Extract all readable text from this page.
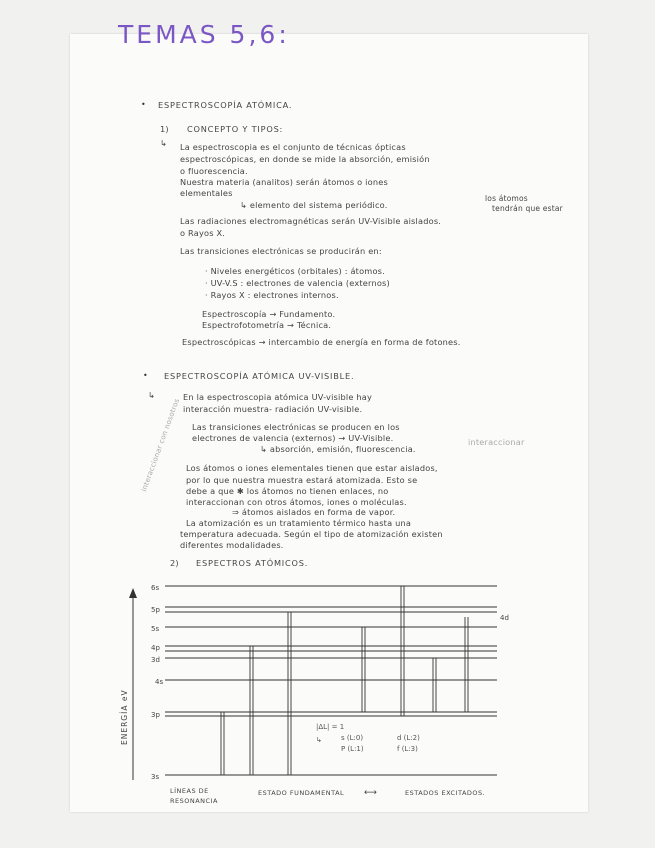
TEMAS 5,6:
• ESPECTROSCOPÍA ATÓMICA.
1) CONCEPTO Y TIPOS:
↳ La espectroscopia es el conjunto de técnicas ópticas
espectroscópicas, en donde se mide la absorción, emisión
o fluorescencia.
Nuestra materia (analitos) serán átomos o iones
elementales
↳ elemento del sistema periódico.
los átomos
tendrán que estar
Las radiaciones electromagnéticas serán UV-Visible aislados.
o Rayos X.
Las transiciones electrónicas se producirán en:
· Niveles energéticos (orbitales) : átomos.
· UV-V.S : electrones de valencia (externos)
· Rayos X : electrones internos.
Espectroscopía → Fundamento.
Espectrofotometría → Técnica.
Espectroscópicas → intercambio de energía en forma de fotones.
• ESPECTROSCOPÍA ATÓMICA UV-VISIBLE.
↳	En la espectroscopia atómica UV-visible hay
interacción muestra- radiación UV-visible.
Las transiciones electrónicas se producen en los
electrones de valencia (externos) → UV-Visible.
↳ absorción, emisión, fluorescencia.
interaccionar
interaccionar con nosotros Los átomos o iones elementales tienen que estar aislados,
por lo que nuestra muestra estará atomizada. Esto se
debe a que ✱ los átomos no tienen enlaces, no
interaccionan con otros átomos, iones o moléculas.
⇒ átomos aislados en forma de vapor.
La atomización es un tratamiento térmico hasta una
temperatura adecuada. Según el tipo de atomización existen
diferentes modalidades.
2) ESPECTROS ATÓMICOS.
ENERGÍA eV
6s
5p
5s
4p
3d
4s
3p
3s
4d
|ΔL| = 1
↳	s (L:0)	d (L:2)
P (L:1)	f (L:3)
LÍNEAS DE
RESONANCIA
ESTADO FUNDAMENTAL ⟷	ESTADOS EXCITADOS.
